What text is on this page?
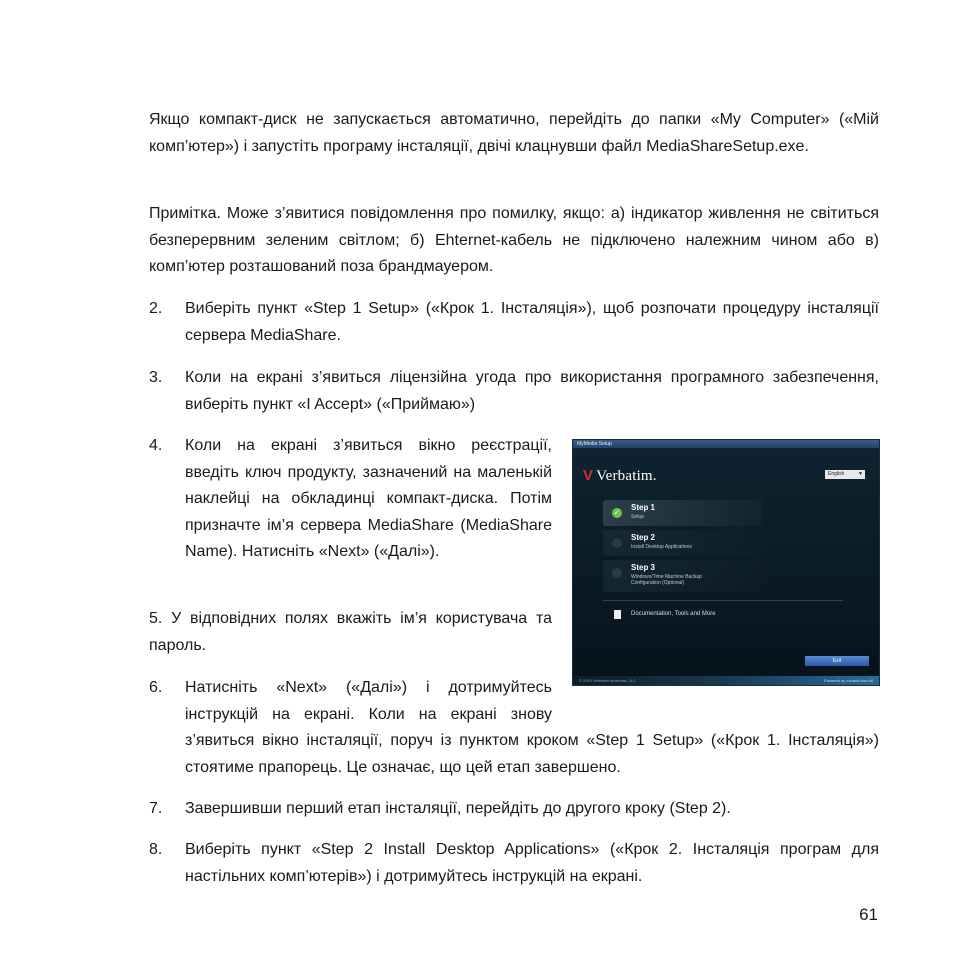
Якщо компакт-диск не запускається автоматично, перейдіть до папки «My Computer» («Мій комп’ютер») і запустіть програму інсталяції, двічі клацнувши файл MediaShareSetup.exe.

Примітка. Може з’явитися повідомлення про помилку, якщо: а) індикатор живлення не світиться безперервним зеленим світлом; б) Ehternet-кабель не підключено належним чином або в) комп’ютер розташований поза брандмауером.

2. Виберіть пункт «Step 1 Setup» («Крок 1. Інсталяція»), щоб розпочати процедуру інсталяції сервера MediaShare.
3. Коли на екрані з’явиться ліцензійна угода про використання програмного забезпечення, виберіть пункт «I Accept» («Приймаю»)
4. Коли на екрані з’явиться вікно реєстрації, введіть ключ продукту, зазначений на маленькій наклейці на обкладинці компакт-диска. Потім призначте ім’я сервера MediaShare (MediaShare Name). Натисніть «Next» («Далі»).
5. У відповідних полях вкажіть ім’я користувача та пароль.
6. Натисніть «Next» («Далі») і дотримуйтесь
інструкцій на екрані. Коли на екрані знову
з’явиться вікно інсталяції, поруч із пунктом кроком «Step 1 Setup» («Крок 1. Інсталяція») стоятиме прапорець. Це означає, що цей етап завершено.
7. Завершивши перший етап інсталяції, перейдіть до другого кроку (Step 2).
8. Виберіть пункт «Step 2 Install Desktop Applications» («Крок 2. Інсталяція програм для настільних комп’ютерів») і дотримуйтесь інструкцій на екрані.
61
MyMedia Setup
V Verbatim.	English	▼
✓
Step 1
Setup
Step 2
Install Desktop Applications
Step 3
Windows/Time Machine Backup Configuration (Optional)
Documentation, Tools and More
Exit
© 2010 Verbatim Americas, LLC	Powered by content from M
